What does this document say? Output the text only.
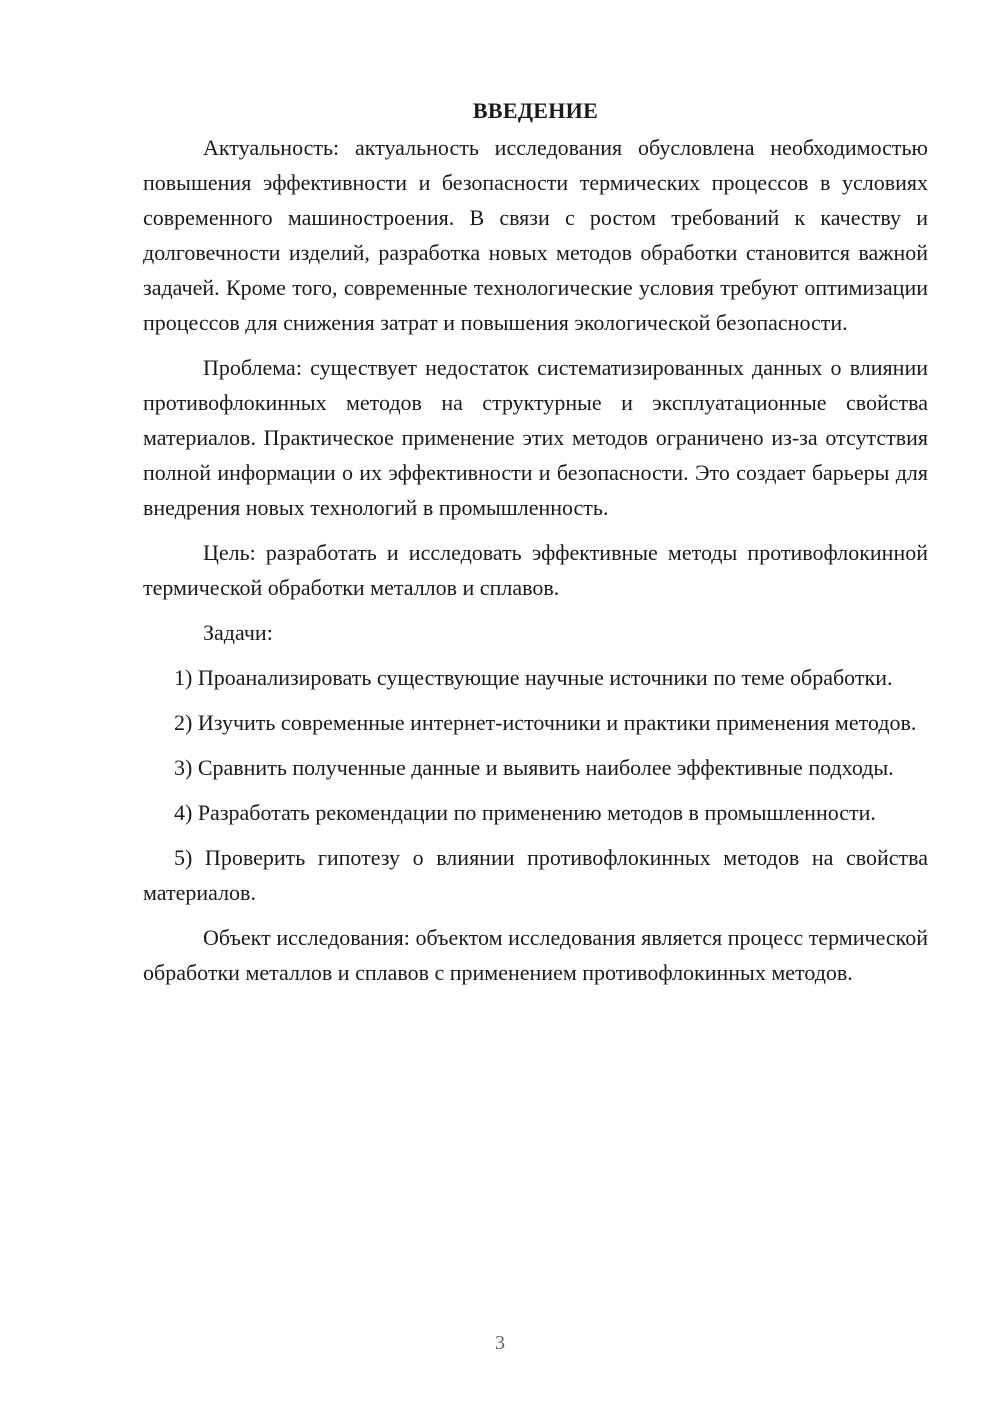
ВВЕДЕНИЕ

Актуальность: актуальность исследования обусловлена необходимостью повышения эффективности и безопасности термических процессов в условиях современного машиностроения. В связи с ростом требований к качеству и долговечности изделий, разработка новых методов обработки становится важной задачей. Кроме того, современные технологические условия требуют оптимизации процессов для снижения затрат и повышения экологической безопасности.

Проблема: существует недостаток систематизированных данных о влиянии противофлокинных методов на структурные и эксплуатационные свойства материалов. Практическое применение этих методов ограничено из-за отсутствия полной информации о их эффективности и безопасности. Это создает барьеры для внедрения новых технологий в промышленность.

Цель: разработать и исследовать эффективные методы противофлокинной термической обработки металлов и сплавов.

Задачи:

1) Проанализировать существующие научные источники по теме обработки.

2) Изучить современные интернет-источники и практики применения методов.

3) Сравнить полученные данные и выявить наиболее эффективные подходы.

4) Разработать рекомендации по применению методов в промышленности.

5) Проверить гипотезу о влиянии противофлокинных методов на свойства материалов.

Объект исследования: объектом исследования является процесс термической обработки металлов и сплавов с применением противофлокинных методов.

3
